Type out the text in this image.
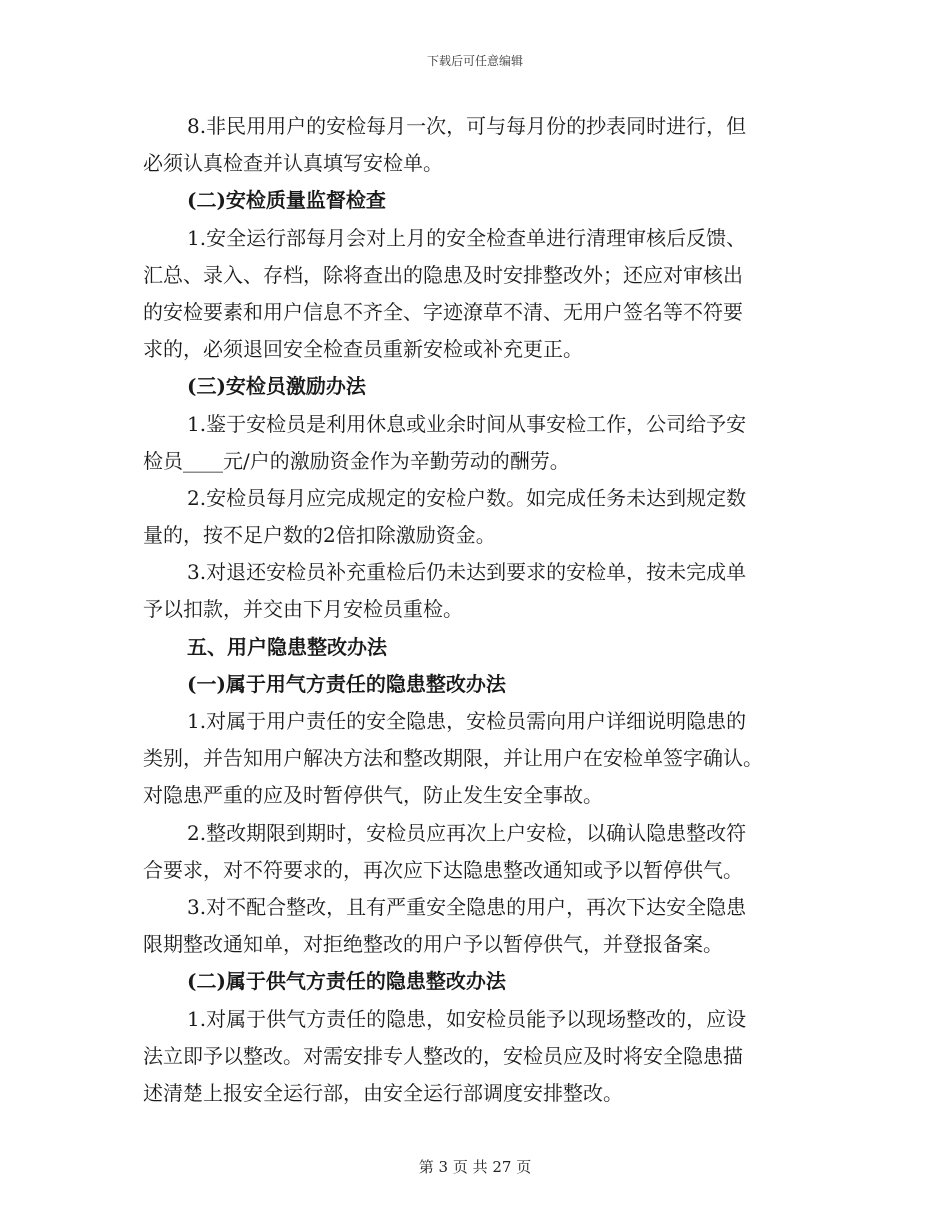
下载后可任意编辑
8.非民用用户的安检每月一次，可与每月份的抄表同时进行，但
必须认真检查并认真填写安检单。
(二)安检质量监督检查
1.安全运行部每月会对上月的安全检查单进行清理审核后反馈、
汇总、录入、存档，除将查出的隐患及时安排整改外；还应对审核出
的安检要素和用户信息不齐全、字迹潦草不清、无用户签名等不符要
求的，必须退回安全检查员重新安检或补充更正。
(三)安检员激励办法
1.鉴于安检员是利用休息或业余时间从事安检工作，公司给予安
检员____元/户的激励资金作为辛勤劳动的酬劳。
2.安检员每月应完成规定的安检户数。如完成任务未达到规定数
量的，按不足户数的2倍扣除激励资金。
3.对退还安检员补充重检后仍未达到要求的安检单，按未完成单
予以扣款，并交由下月安检员重检。
五、用户隐患整改办法
(一)属于用气方责任的隐患整改办法
1.对属于用户责任的安全隐患，安检员需向用户详细说明隐患的
类别，并告知用户解决方法和整改期限，并让用户在安检单签字确认。
对隐患严重的应及时暂停供气，防止发生安全事故。
2.整改期限到期时，安检员应再次上户安检，以确认隐患整改符
合要求，对不符要求的，再次应下达隐患整改通知或予以暂停供气。
3.对不配合整改，且有严重安全隐患的用户，再次下达安全隐患
限期整改通知单，对拒绝整改的用户予以暂停供气，并登报备案。
(二)属于供气方责任的隐患整改办法
1.对属于供气方责任的隐患，如安检员能予以现场整改的，应设
法立即予以整改。对需安排专人整改的，安检员应及时将安全隐患描
述清楚上报安全运行部，由安全运行部调度安排整改。
第 3 页 共 27 页
